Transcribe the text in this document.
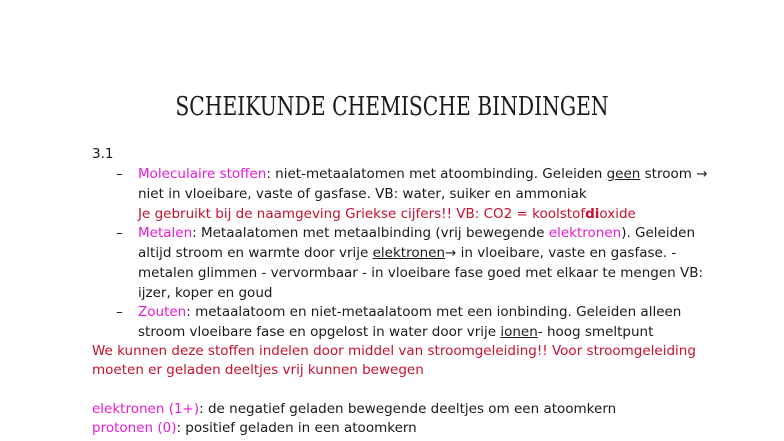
SCHEIKUNDE CHEMISCHE BINDINGEN
3.1
– Moleculaire stoffen: niet-metaalatomen met atoombinding. Geleiden geen stroom →
niet in vloeibare, vaste of gasfase. VB: water, suiker en ammoniak
Je gebruikt bij de naamgeving Griekse cijfers!! VB: CO2 = koolstofdioxide
– Metalen: Metaalatomen met metaalbinding (vrij bewegende elektronen). Geleiden
altijd stroom en warmte door vrije elektronen→ in vloeibare, vaste en gasfase. -
metalen glimmen - vervormbaar - in vloeibare fase goed met elkaar te mengen VB:
ijzer, koper en goud
– Zouten: metaalatoom en niet-metaalatoom met een ionbinding. Geleiden alleen
stroom vloeibare fase en opgelost in water door vrije ionen- hoog smeltpunt
We kunnen deze stoffen indelen door middel van stroomgeleiding!! Voor stroomgeleiding
moeten er geladen deeltjes vrij kunnen bewegen
elektronen (1+): de negatief geladen bewegende deeltjes om een atoomkern
protonen (0): positief geladen in een atoomkern
